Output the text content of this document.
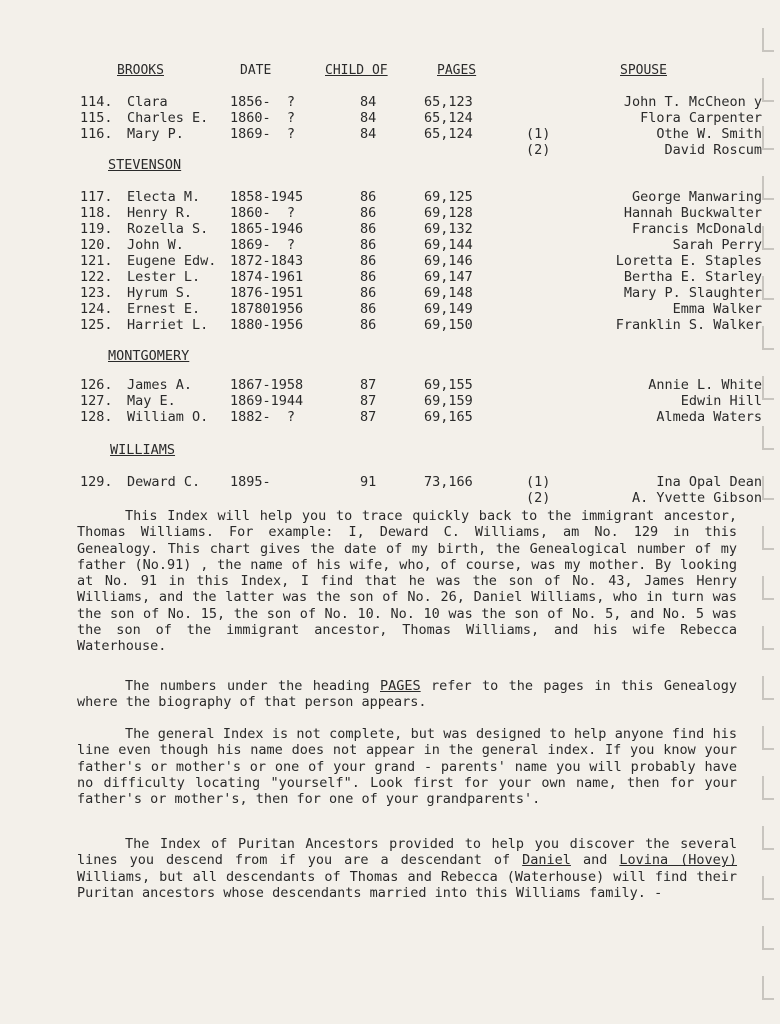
BROOKS	DATE	CHILD OF	PAGES	SPOUSE
114. Clara	1856-  ?	84	65,123	John T. McCheon y
115. Charles E. 1860-  ?	84	65,124	Flora Carpenter
116. Mary P.	1869-  ?	84	65,124	(1)	Othe W. Smith
(2)	David Roscum
STEVENSON
117. Electa M. 1858-1945	86	69,125	George Manwaring
118. Henry R.	1860-  ?	86	69,128	Hannah Buckwalter
119. Rozella S. 1865-1946	86	69,132	Francis McDonald
120. John W.	1869-  ?	86	69,144	Sarah Perry
121. Eugene Edw. 1872-1843	86	69,146	Loretta E. Staples
122. Lester L. 1874-1961	86	69,147	Bertha E. Starley
123. Hyrum S.	1876-1951	86	69,148	Mary P. Slaughter
124. Ernest E. 187801956	86	69,149	Emma Walker
125. Harriet L. 1880-1956	86	69,150	Franklin S. Walker
MONTGOMERY
126. James A.	1867-1958	87	69,155	Annie L. White
127. May E.	1869-1944	87	69,159	Edwin Hill
128. William O. 1882-  ?	87	69,165	Almeda Waters
WILLIAMS
129. Deward C. 1895-	91	73,166	(1)	Ina Opal Dean
(2)	A. Yvette Gibson

This Index will help you to trace quickly back to the immigrant ancestor, Thomas Williams. For example: I, Deward C. Williams, am No. 129 in this Genealogy. This chart gives the date of my birth, the Genealogical number of my father (No.91) , the name of his wife, who, of course, was my mother. By looking at No. 91 in this Index, I find that he was the son of No. 43, James Henry Williams, and the latter was the son of No. 26, Daniel Williams, who in turn was the son of No. 15, the son of No. 10. No. 10 was the son of No. 5, and No. 5 was the son of the immigrant ancestor, Thomas Williams, and his wife Rebecca Waterhouse.

The numbers under the heading PAGES refer to the pages in this Genealogy where the biography of that person appears.

The general Index is not complete, but was designed to help anyone find his line even though his name does not appear in the general index. If you know your father's or mother's or one of your grand - parents' name you will probably have no difficulty locating "yourself". Look first for your own name, then for your father's or mother's, then for one of your grandparents'.

The Index of Puritan Ancestors provided to help you discover the several lines you descend from if you are a descendant of Daniel and Lovina (Hovey) Williams, but all descendants of Thomas and Rebecca (Waterhouse) will find their Puritan ancestors whose descendants married into this Williams family. -
